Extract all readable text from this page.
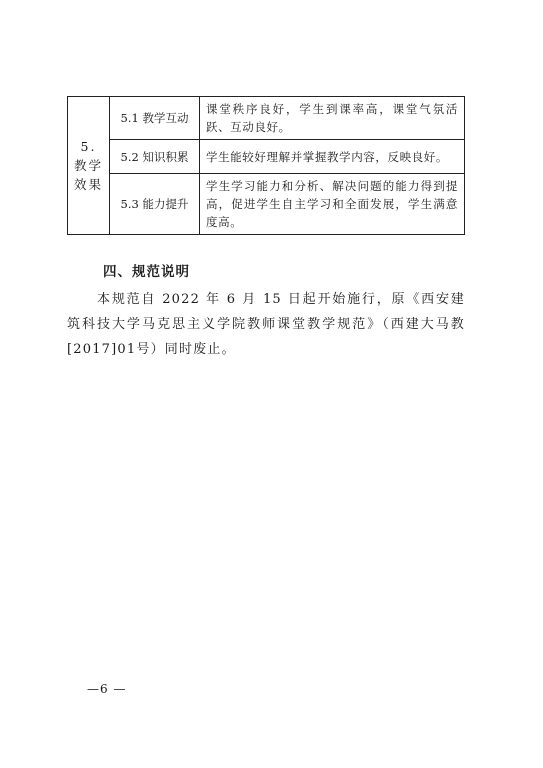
5. 教学效果	5.1 教学互动	课堂秩序良好，学生到课率高，课堂气氛活跃、互动良好。
	5.2 知识积累	学生能较好理解并掌握教学内容，反映良好。
	5.3 能力提升	学生学习能力和分析、解决问题的能力得到提高，促进学生自主学习和全面发展，学生满意度高。
四、规范说明

本规范自 2022 年 6 月 15 日起开始施行，原《西安建筑科技大学马克思主义学院教师课堂教学规范》（西建大马教[2017]01号）同时废止。

—6 —
